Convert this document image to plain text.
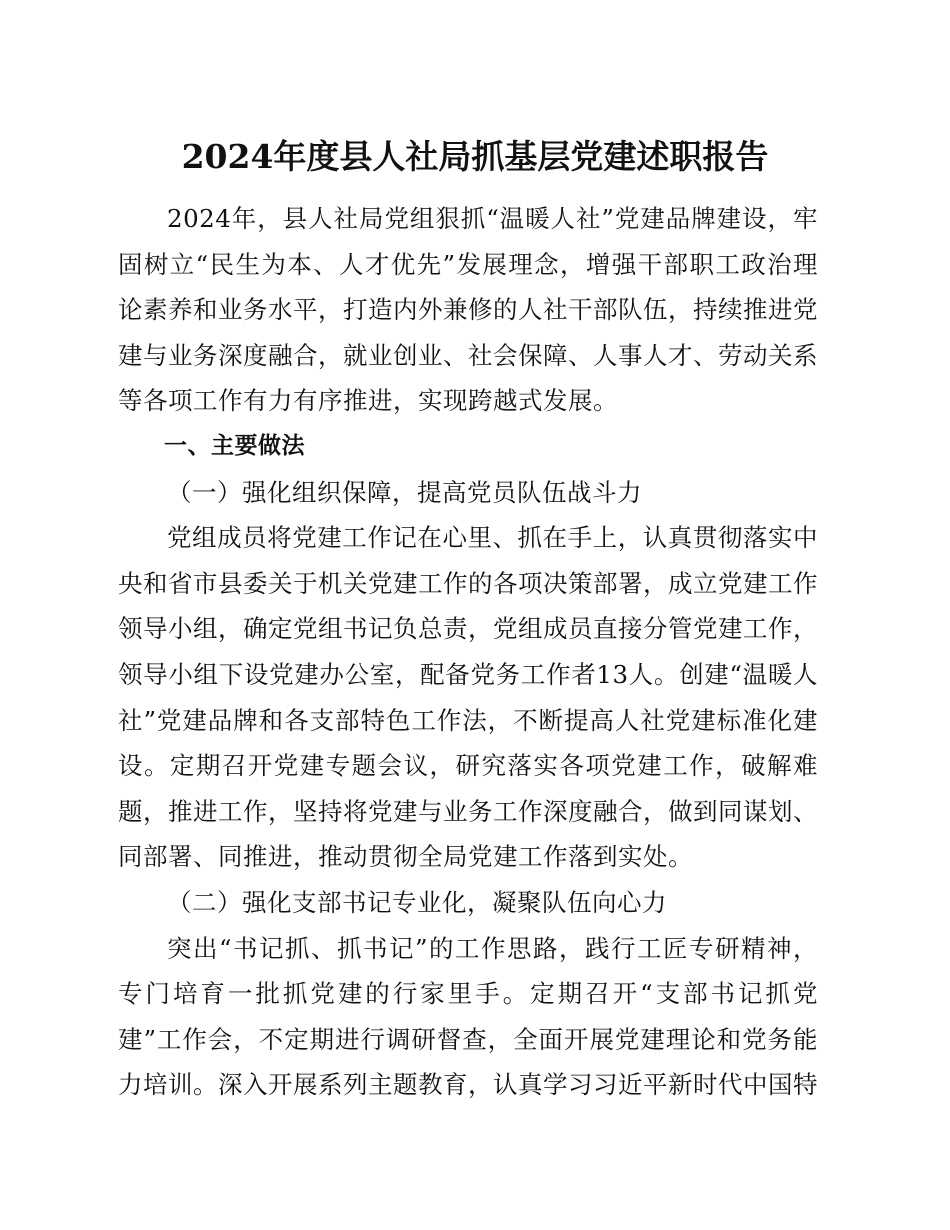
2024年度县人社局抓基层党建述职报告

2024年，县人社局党组狠抓“温暖人社”党建品牌建设，牢固树立“民生为本、人才优先”发展理念，增强干部职工政治理论素养和业务水平，打造内外兼修的人社干部队伍，持续推进党建与业务深度融合，就业创业、社会保障、人事人才、劳动关系等各项工作有力有序推进，实现跨越式发展。

一、主要做法

（一）强化组织保障，提高党员队伍战斗力

党组成员将党建工作记在心里、抓在手上，认真贯彻落实中央和省市县委关于机关党建工作的各项决策部署，成立党建工作领导小组，确定党组书记负总责，党组成员直接分管党建工作，领导小组下设党建办公室，配备党务工作者13人。创建“温暖人社”党建品牌和各支部特色工作法，不断提高人社党建标准化建设。定期召开党建专题会议，研究落实各项党建工作，破解难题，推进工作，坚持将党建与业务工作深度融合，做到同谋划、同部署、同推进，推动贯彻全局党建工作落到实处。

（二）强化支部书记专业化，凝聚队伍向心力

突出“书记抓、抓书记”的工作思路，践行工匠专研精神，专门培育一批抓党建的行家里手。定期召开“支部书记抓党建”工作会，不定期进行调研督查，全面开展党建理论和党务能力培训。深入开展系列主题教育，认真学习习近平新时代中国特
